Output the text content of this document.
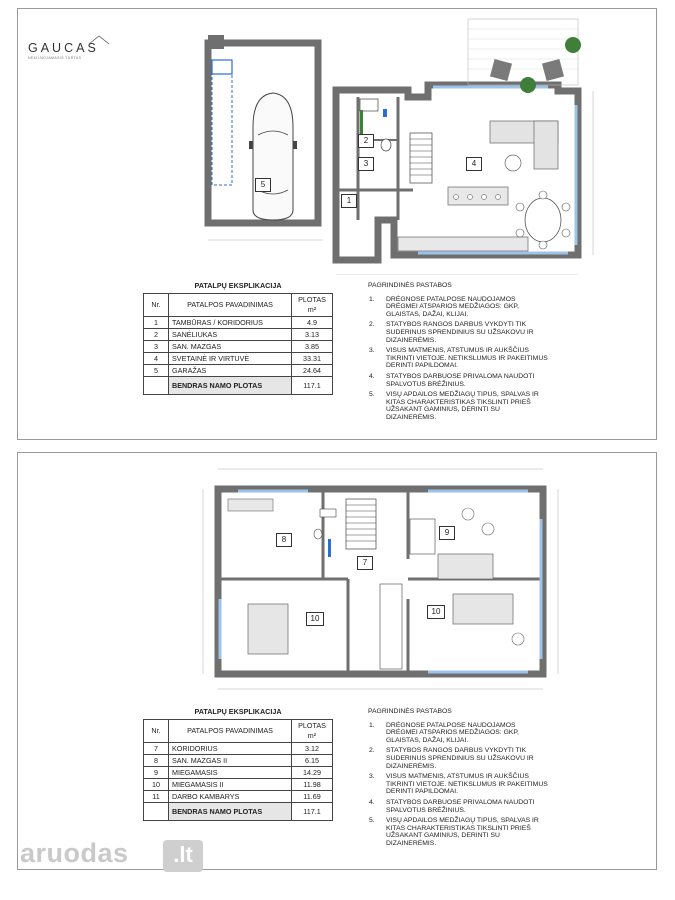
GAUCAS
NEKILNOJAMASIS TURTAS
1
2
3	4
5
PATALPŲ EKSPLIKACIJA		
Nr.	PATALPOS PAVADINIMAS	PLOTAS
m²
1	TAMBŪRAS / KORIDORIUS	4.9
2	SANĖLIUKAS	3.13
3	SAN. MAZGAS	3.85
4	SVETAINĖ IR VIRTUVĖ	33.31
5	GARAŽAS	24.64
	BENDRAS NAMO PLOTAS	117.1
PAGRINDINĖS PASTABOS
1. DRĖGNOSE PATALPOSE NAUDOJAMOS DRĖGMEI ATSPARIOS MEDŽIAGOS: GKP, GLAISTAS, DAŽAI, KLIJAI.
2. STATYBOS RANGOS DARBUS VYKDYTI TIK SUDERINUS SPRENDINIUS SU UŽSAKOVU IR DIZAINERĖMIS.
3. VISUS MATMENIS, ATSTUMUS IR AUKŠČIUS TIKRINTI VIETOJE. NETIKSLUMUS IR PAKEITIMUS DERINTI PAPILDOMAI.
4. STATYBOS DARBUOSE PRIVALOMA NAUDOTI SPALVOTUS BRĖŽINIUS.
5. VISŲ APDAILOS MEDŽIAGŲ TIPUS, SPALVAS IR KITAS CHARAKTERISTIKAS TIKSLINTI PRIEŠ UŽSAKANT GAMINIUS, DERINTI SU DIZAINERĖMIS.
7
8
9
10
10
PATALPŲ EKSPLIKACIJA		
Nr.	PATALPOS PAVADINIMAS	PLOTAS
m²
7	KORIDORIUS	3.12
8	SAN. MAZGAS II	6.15
9	MIEGAMASIS	14.29
10	MIEGAMASIS II	11.98
11	DARBO KAMBARYS	11.69
	BENDRAS NAMO PLOTAS	117.1
PAGRINDINĖS PASTABOS
1. DRĖGNOSE PATALPOSE NAUDOJAMOS DRĖGMEI ATSPARIOS MEDŽIAGOS: GKP, GLAISTAS, DAŽAI, KLIJAI.
2. STATYBOS RANGOS DARBUS VYKDYTI TIK SUDERINUS SPRENDINIUS SU UŽSAKOVU IR DIZAINERĖMIS.
3. VISUS MATMENIS, ATSTUMUS IR AUKŠČIUS TIKRINTI VIETOJE. NETIKSLUMUS IR PAKEITIMUS DERINTI PAPILDOMAI.
4. STATYBOS DARBUOSE PRIVALOMA NAUDOTI SPALVOTUS BRĖŽINIUS.
5. VISŲ APDAILOS MEDŽIAGŲ TIPUS, SPALVAS IR KITAS CHARAKTERISTIKAS TIKSLINTI PRIEŠ UŽSAKANT GAMINIUS, DERINTI SU DIZAINERĖMIS.
aruodas	.lt
